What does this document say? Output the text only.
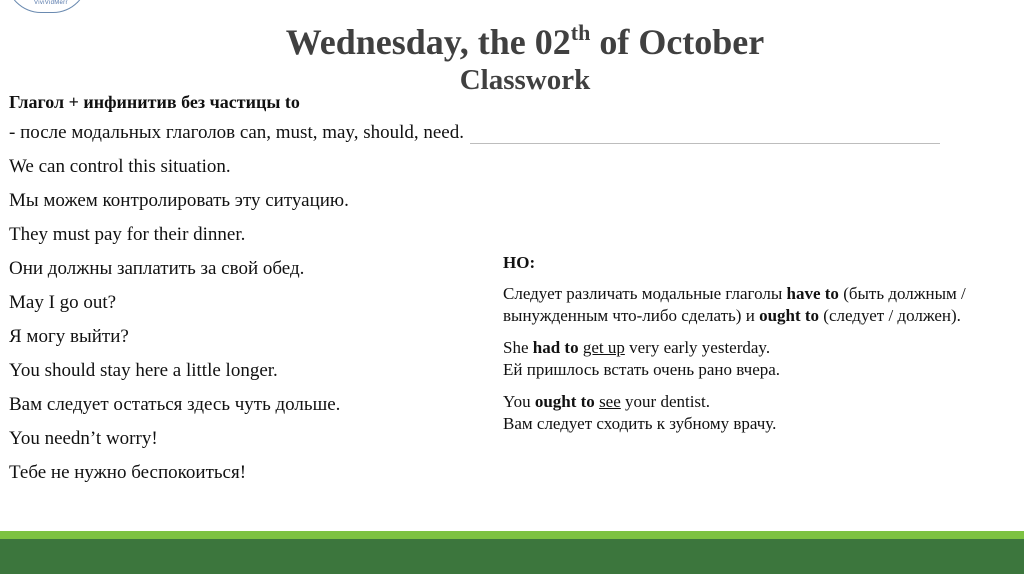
ViviVidMerr
Wednesday, the 02th of October
Classwork

Глагол + инфинитив без частицы to

- после модальных глаголов can, must, may, should, need.

We can control this situation.

Мы можем контролировать эту ситуацию.

They must pay for their dinner.

Они должны заплатить за свой обед.

May I go out?

Я могу выйти?

You should stay here a little longer.

Вам следует остаться здесь чуть дольше.

You needn’t worry!

Тебе не нужно беспокоиться!

НО:

Следует различать модальные глаголы have to (быть должным / вынужденным что-либо сделать) и ought to (следует / должен).

She had to get up very early yesterday.
Ей пришлось встать очень рано вчера.

You ought to see your dentist.
Вам следует сходить к зубному врачу.
